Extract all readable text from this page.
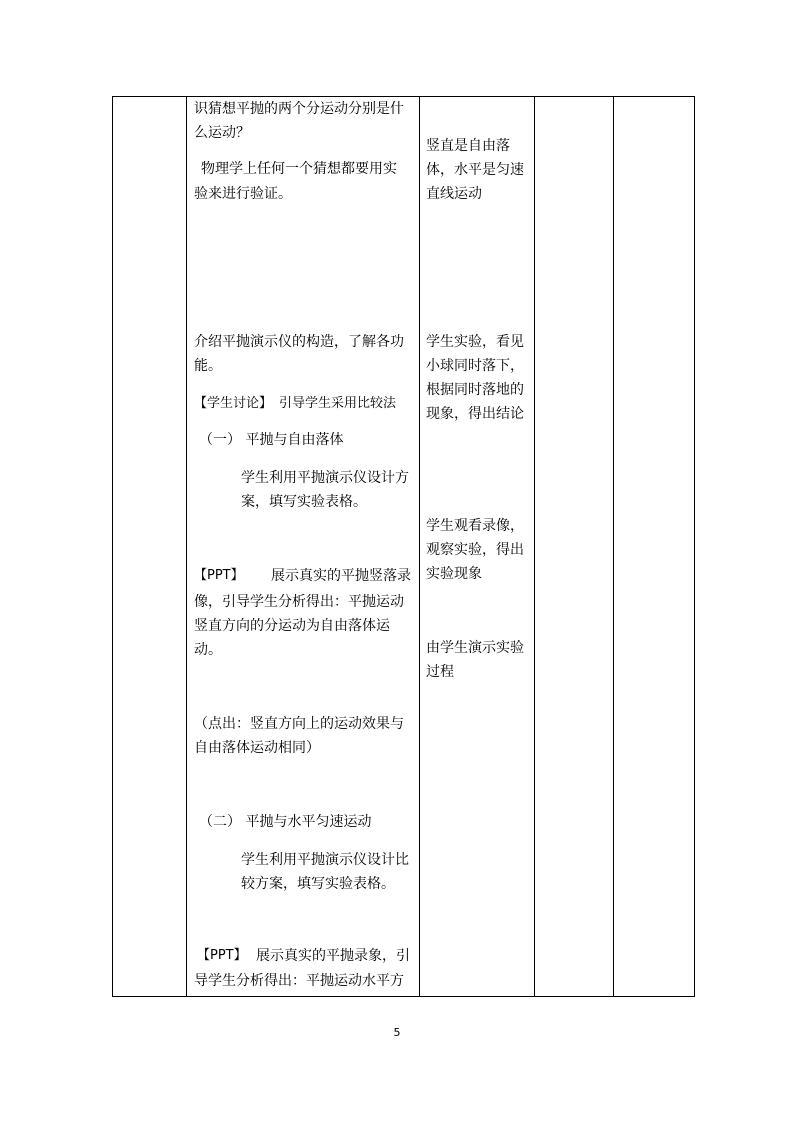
识猜想平抛的两个分运动分别是什
么运动？
物理学上任何一个猜想都要用实
验来进行验证。
介绍平抛演示仪的构造，了解各功
能。
【学生讨论】 引导学生采用比较法
（一） 平抛与自由落体
学生利用平抛演示仪设计方
案，填写实验表格。
【PPT】 展示真实的平抛竖落录
像，引导学生分析得出：平抛运动
竖直方向的分运动为自由落体运
动。
（点出：竖直方向上的运动效果与
自由落体运动相同）
（二） 平抛与水平匀速运动
学生利用平抛演示仪设计比
较方案，填写实验表格。
【PPT】 展示真实的平抛录象，引
导学生分析得出：平抛运动水平方
竖直是自由落
体，水平是匀速
直线运动
学生实验，看见
小球同时落下，
根据同时落地的
现象，得出结论
学生观看录像，
观察实验，得出
实验现象
由学生演示实验
过程
5
